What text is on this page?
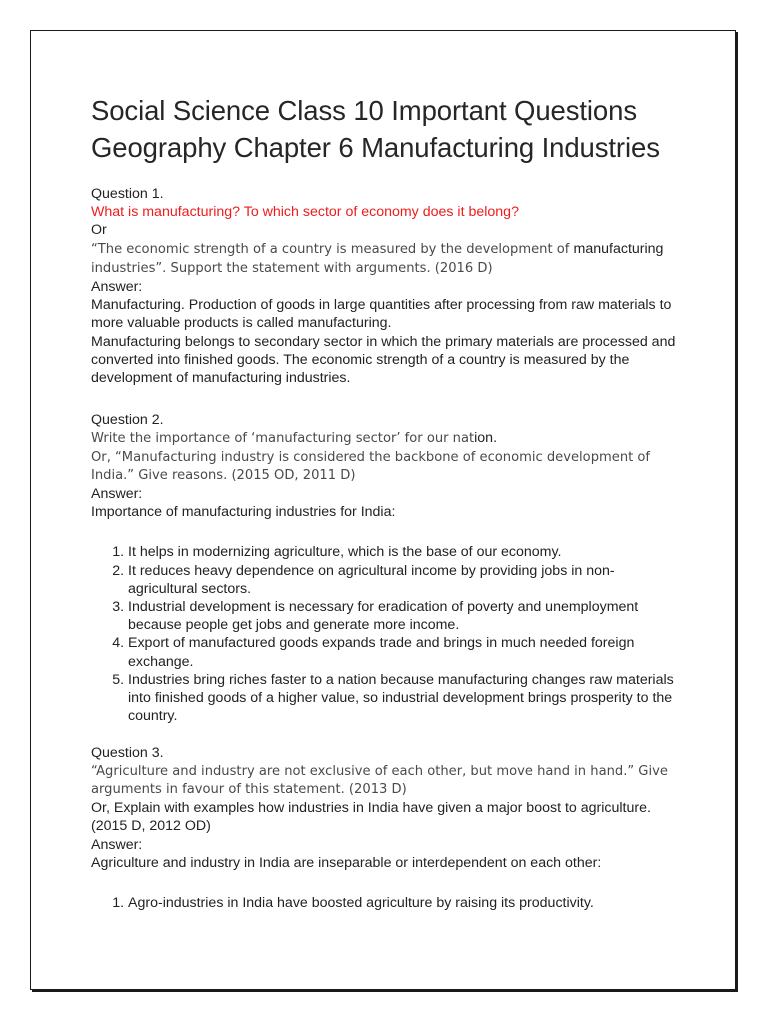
Social Science Class 10 Important Questions Geography Chapter 6 Manufacturing Industries

Question 1.

What is manufacturing? To which sector of economy does it belong?

Or

“The economic strength of a country is measured by the development of manufacturing industries”. Support the statement with arguments. (2016 D)

Answer:

Manufacturing. Production of goods in large quantities after processing from raw materials to more valuable products is called manufacturing.

Manufacturing belongs to secondary sector in which the primary materials are processed and converted into finished goods. The economic strength of a country is measured by the development of manufacturing industries.

Question 2.

Write the importance of ‘manufacturing sector’ for our nation.

Or, “Manufacturing industry is considered the backbone of economic development of India.” Give reasons. (2015 OD, 2011 D)

Answer:

Importance of manufacturing industries for India:

1. It helps in modernizing agriculture, which is the base of our economy.
2. It reduces heavy dependence on agricultural income by providing jobs in non-agricultural sectors.
3. Industrial development is necessary for eradication of poverty and unemployment because people get jobs and generate more income.
4. Export of manufactured goods expands trade and brings in much needed foreign exchange.
5. Industries bring riches faster to a nation because manufacturing changes raw materials into finished goods of a higher value, so industrial development brings prosperity to the country.

Question 3.

“Agriculture and industry are not exclusive of each other, but move hand in hand.” Give arguments in favour of this statement. (2013 D)

Or, Explain with examples how industries in India have given a major boost to agriculture. (2015 D, 2012 OD)

Answer:

Agriculture and industry in India are inseparable or interdependent on each other:

1. Agro-industries in India have boosted agriculture by raising its productivity.
